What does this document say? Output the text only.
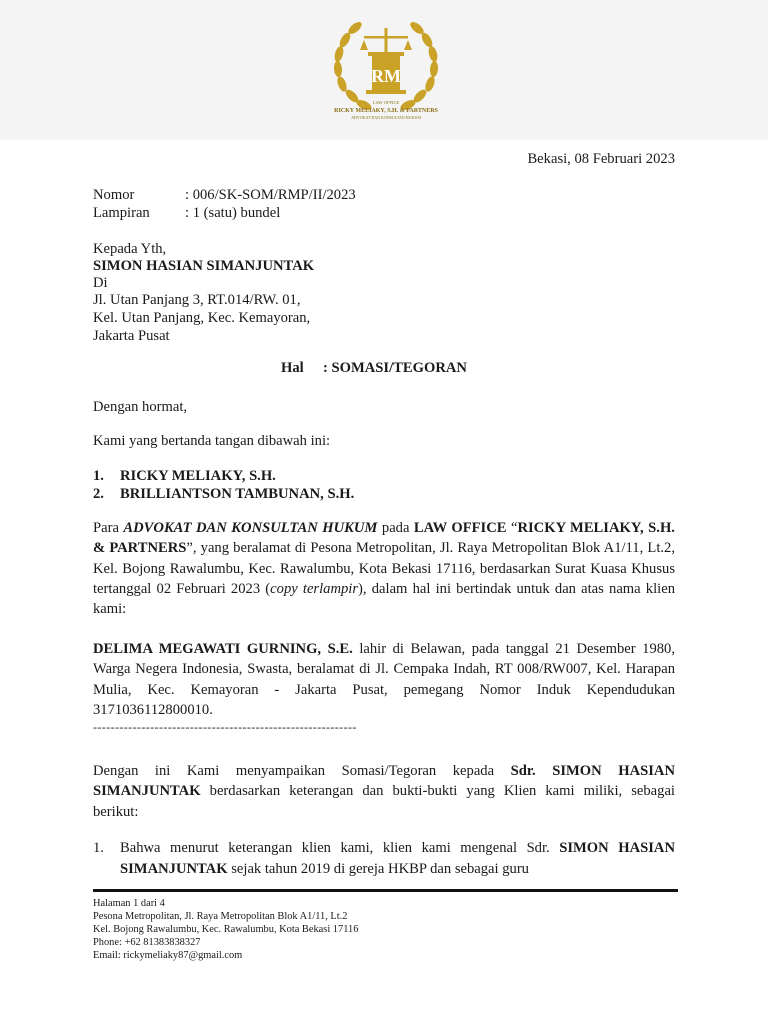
RM
LAW OFFICE
RICKY MELIAKY, S.H. & PARTNERS
ADVOKAT DAN KONSULTAN HUKUM
Bekasi, 08 Februari 2023
Nomor	: 006/SK-SOM/RMP/II/2023
Lampiran : 1 (satu) bundel
Kepada Yth,
SIMON HASIAN SIMANJUNTAK
Di
Jl. Utan Panjang 3, RT.014/RW. 01,
Kel. Utan Panjang, Kec. Kemayoran,
Jakarta Pusat
Hal : SOMASI/TEGORAN
Dengan hormat,
Kami yang bertanda tangan dibawah ini:
1. RICKY MELIAKY, S.H.
2. BRILLIANTSON TAMBUNAN, S.H.
Para ADVOKAT DAN KONSULTAN HUKUM pada LAW OFFICE “RICKY MELIAKY, S.H. & PARTNERS”, yang beralamat di Pesona Metropolitan, Jl. Raya Metropolitan Blok A1/11, Lt.2, Kel. Bojong Rawalumbu, Kec. Rawalumbu, Kota Bekasi 17116, berdasarkan Surat Kuasa Khusus tertanggal 02 Februari 2023 (copy terlampir), dalam hal ini bertindak untuk dan atas nama klien kami:
DELIMA MEGAWATI GURNING, S.E. lahir di Belawan, pada tanggal 21 Desember 1980, Warga Negera Indonesia, Swasta, beralamat di Jl. Cempaka Indah, RT 008/RW007, Kel. Harapan Mulia, Kec. Kemayoran - Jakarta Pusat, pemegang Nomor Induk Kependudukan 3171036112800010.
------------------------------------------------------------
Dengan ini Kami menyampaikan Somasi/Tegoran kepada Sdr. SIMON HASIAN SIMANJUNTAK berdasarkan keterangan dan bukti-bukti yang Klien kami miliki, sebagai berikut:
1. Bahwa menurut keterangan klien kami, klien kami mengenal Sdr. SIMON HASIAN SIMANJUNTAK sejak tahun 2019 di gereja HKBP dan sebagai guru
Halaman 1 dari 4
Pesona Metropolitan, Jl. Raya Metropolitan Blok A1/11, Lt.2
Kel. Bojong Rawalumbu, Kec. Rawalumbu, Kota Bekasi 17116
Phone: +62 81383838327
Email: rickymeliaky87@gmail.com
